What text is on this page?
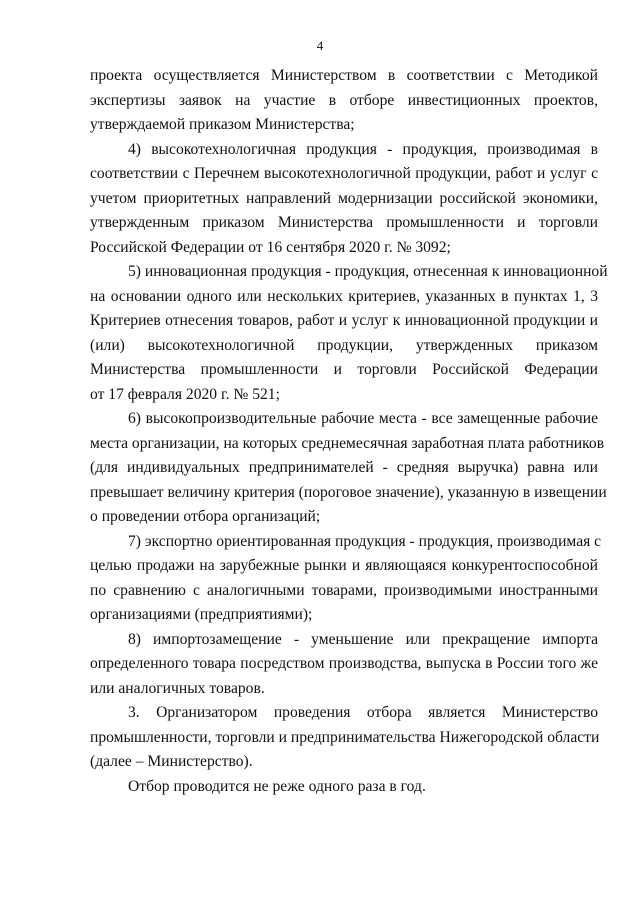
4
проекта осуществляется Министерством в соответствии с Методикой
экспертизы заявок на участие в отборе инвестиционных проектов,
утверждаемой приказом Министерства;
4) высокотехнологичная продукция - продукция, производимая в
соответствии с Перечнем высокотехнологичной продукции, работ и услуг с
учетом приоритетных направлений модернизации российской экономики,
утвержденным приказом Министерства промышленности и торговли
Российской Федерации от 16 сентября 2020 г. № 3092;
5) инновационная продукция - продукция, отнесенная к инновационной
на основании одного или нескольких критериев, указанных в пунктах 1, 3
Критериев отнесения товаров, работ и услуг к инновационной продукции и
(или) высокотехнологичной продукции, утвержденных приказом
Министерства промышленности и торговли Российской Федерации
от 17 февраля 2020 г. № 521;
6) высокопроизводительные рабочие места - все замещенные рабочие
места организации, на которых среднемесячная заработная плата работников
(для индивидуальных предпринимателей - средняя выручка) равна или
превышает величину критерия (пороговое значение), указанную в извещении
о проведении отбора организаций;
7) экспортно ориентированная продукция - продукция, производимая с
целью продажи на зарубежные рынки и являющаяся конкурентоспособной
по сравнению с аналогичными товарами, производимыми иностранными
организациями (предприятиями);
8) импортозамещение - уменьшение или прекращение импорта
определенного товара посредством производства, выпуска в России того же
или аналогичных товаров.
3. Организатором проведения отбора является Министерство
промышленности, торговли и предпринимательства Нижегородской области
(далее – Министерство).
Отбор проводится не реже одного раза в год.
